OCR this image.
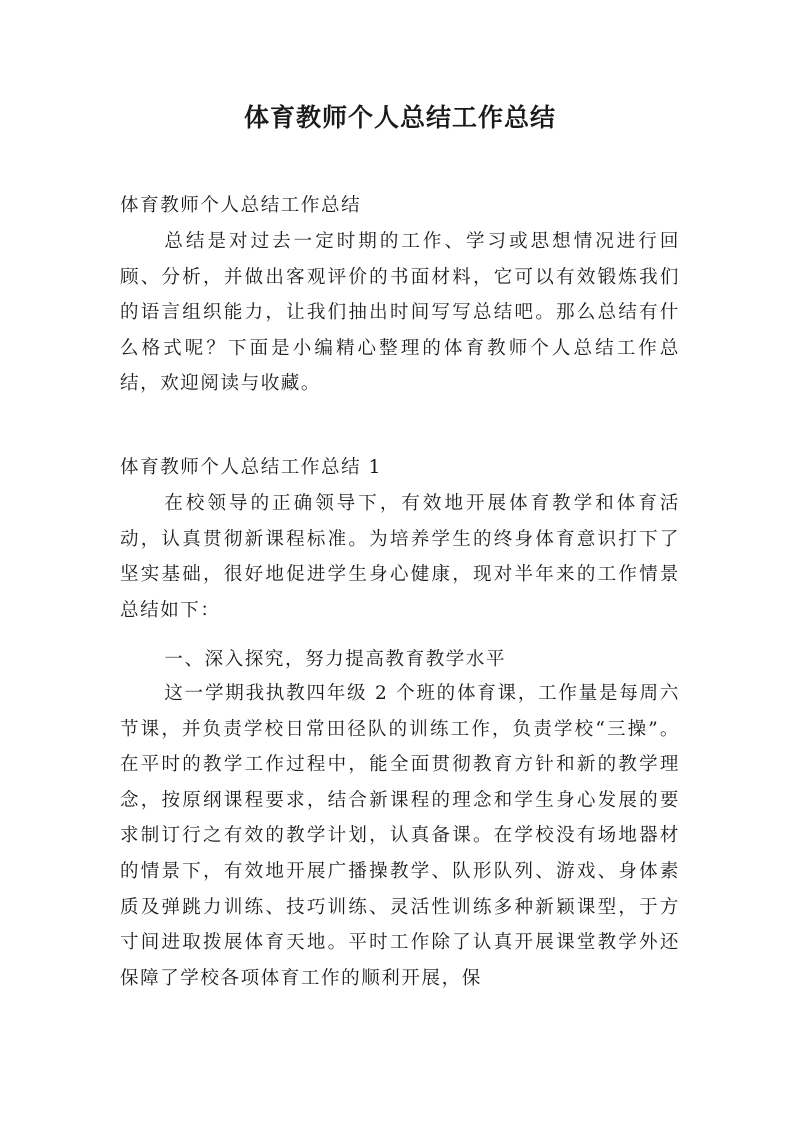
体育教师个人总结工作总结

体育教师个人总结工作总结

总结是对过去一定时期的工作、学习或思想情况进行回顾、分析，并做出客观评价的书面材料，它可以有效锻炼我们的语言组织能力，让我们抽出时间写写总结吧。那么总结有什么格式呢？下面是小编精心整理的体育教师个人总结工作总结，欢迎阅读与收藏。

体育教师个人总结工作总结 1

在校领导的正确领导下，有效地开展体育教学和体育活动，认真贯彻新课程标准。为培养学生的终身体育意识打下了坚实基础，很好地促进学生身心健康，现对半年来的工作情景总结如下：

一、深入探究，努力提高教育教学水平

这一学期我执教四年级 2 个班的体育课，工作量是每周六节课，并负责学校日常田径队的训练工作，负责学校“三操”。在平时的教学工作过程中，能全面贯彻教育方针和新的教学理念，按原纲课程要求，结合新课程的理念和学生身心发展的要求制订行之有效的教学计划，认真备课。在学校没有场地器材的情景下，有效地开展广播操教学、队形队列、游戏、身体素质及弹跳力训练、技巧训练、灵活性训练多种新颖课型，于方寸间进取拨展体育天地。平时工作除了认真开展课堂教学外还保障了学校各项体育工作的顺利开展，保
